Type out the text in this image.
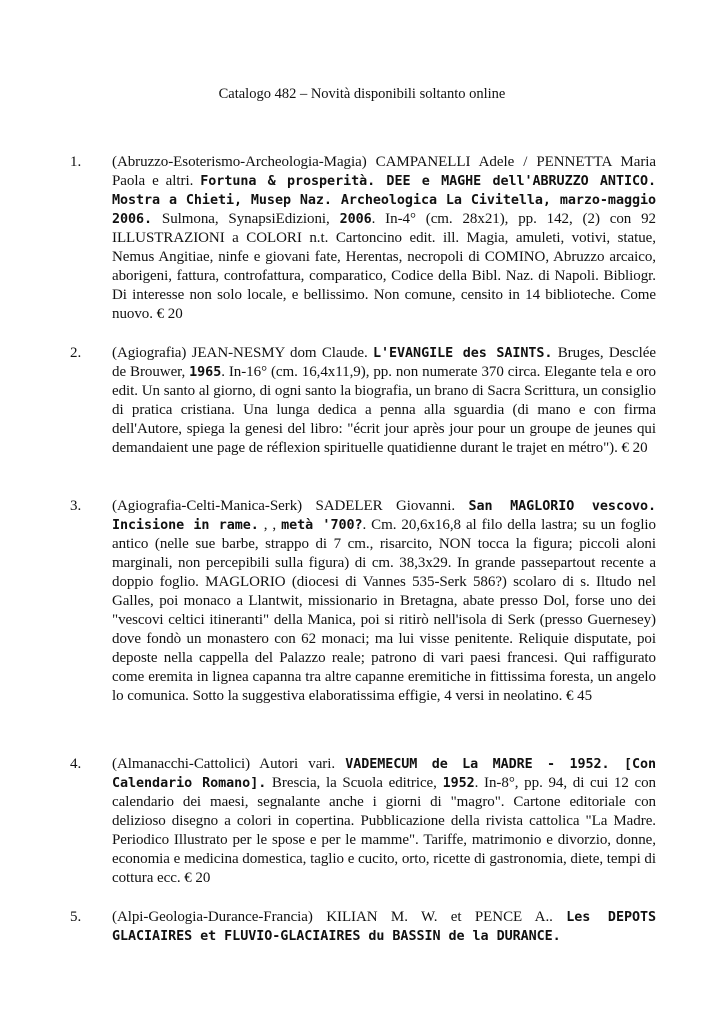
Catalogo 482 – Novità disponibili soltanto online
1. (Abruzzo-Esoterismo-Archeologia-Magia) CAMPANELLI Adele / PENNETTA Maria Paola e altri. Fortuna & prosperità. DEE e MAGHE dell'ABRUZZO ANTICO. Mostra a Chieti, Musep Naz. Archeologica La Civitella, marzo-maggio 2006. Sulmona, SynapsiEdizioni, 2006. In-4° (cm. 28x21), pp. 142, (2) con 92 ILLUSTRAZIONI a COLORI n.t. Cartoncino edit. ill. Magia, amuleti, votivi, statue, Nemus Angitiae, ninfe e giovani fate, Herentas, necropoli di COMINO, Abruzzo arcaico, aborigeni, fattura, controfattura, comparatico, Codice della Bibl. Naz. di Napoli. Bibliogr. Di interesse non solo locale, e bellissimo. Non comune, censito in 14 biblioteche. Come nuovo. € 20
2. (Agiografia) JEAN-NESMY dom Claude. L'EVANGILE des SAINTS. Bruges, Desclée de Brouwer, 1965. In-16° (cm. 16,4x11,9), pp. non numerate 370 circa. Elegante tela e oro edit. Un santo al giorno, di ogni santo la biografia, un brano di Sacra Scrittura, un consiglio di pratica cristiana. Una lunga dedica a penna alla sguardia (di mano e con firma dell'Autore, spiega la genesi del libro: "écrit jour après jour pour un groupe de jeunes qui demandaient une page de réflexion spirituelle quatidienne durant le trajet en métro"). € 20
3. (Agiografia-Celti-Manica-Serk) SADELER Giovanni. San MAGLORIO vescovo. Incisione in rame. , , metà '700?. Cm. 20,6x16,8 al filo della lastra; su un foglio antico (nelle sue barbe, strappo di 7 cm., risarcito, NON tocca la figura; piccoli aloni marginali, non percepibili sulla figura) di cm. 38,3x29. In grande passepartout recente a doppio foglio. MAGLORIO (diocesi di Vannes 535-Serk 586?) scolaro di s. Iltudo nel Galles, poi monaco a Llantwit, missionario in Bretagna, abate presso Dol, forse uno dei "vescovi celtici itineranti" della Manica, poi si ritirò nell'isola di Serk (presso Guernesey) dove fondò un monastero con 62 monaci; ma lui visse penitente. Reliquie disputate, poi deposte nella cappella del Palazzo reale; patrono di vari paesi francesi. Qui raffigurato come eremita in lignea capanna tra altre capanne eremitiche in fittissima foresta, un angelo lo comunica. Sotto la suggestiva elaboratissima effigie, 4 versi in neolatino. € 45
4. (Almanacchi-Cattolici) Autori vari. VADEMECUM de La MADRE - 1952. [Con Calendario Romano]. Brescia, la Scuola editrice, 1952. In-8°, pp. 94, di cui 12 con calendario dei maesi, segnalante anche i giorni di "magro". Cartone editoriale con delizioso disegno a colori in copertina. Pubblicazione della rivista cattolica "La Madre. Periodico Illustrato per le spose e per le mamme". Tariffe, matrimonio e divorzio, donne, economia e medicina domestica, taglio e cucito, orto, ricette di gastronomia, diete, tempi di cottura ecc. € 20
5. (Alpi-Geologia-Durance-Francia) KILIAN M. W. et PENCE A.. Les DEPOTS GLACIAIRES et FLUVIO-GLACIAIRES du BASSIN de la DURANCE.
